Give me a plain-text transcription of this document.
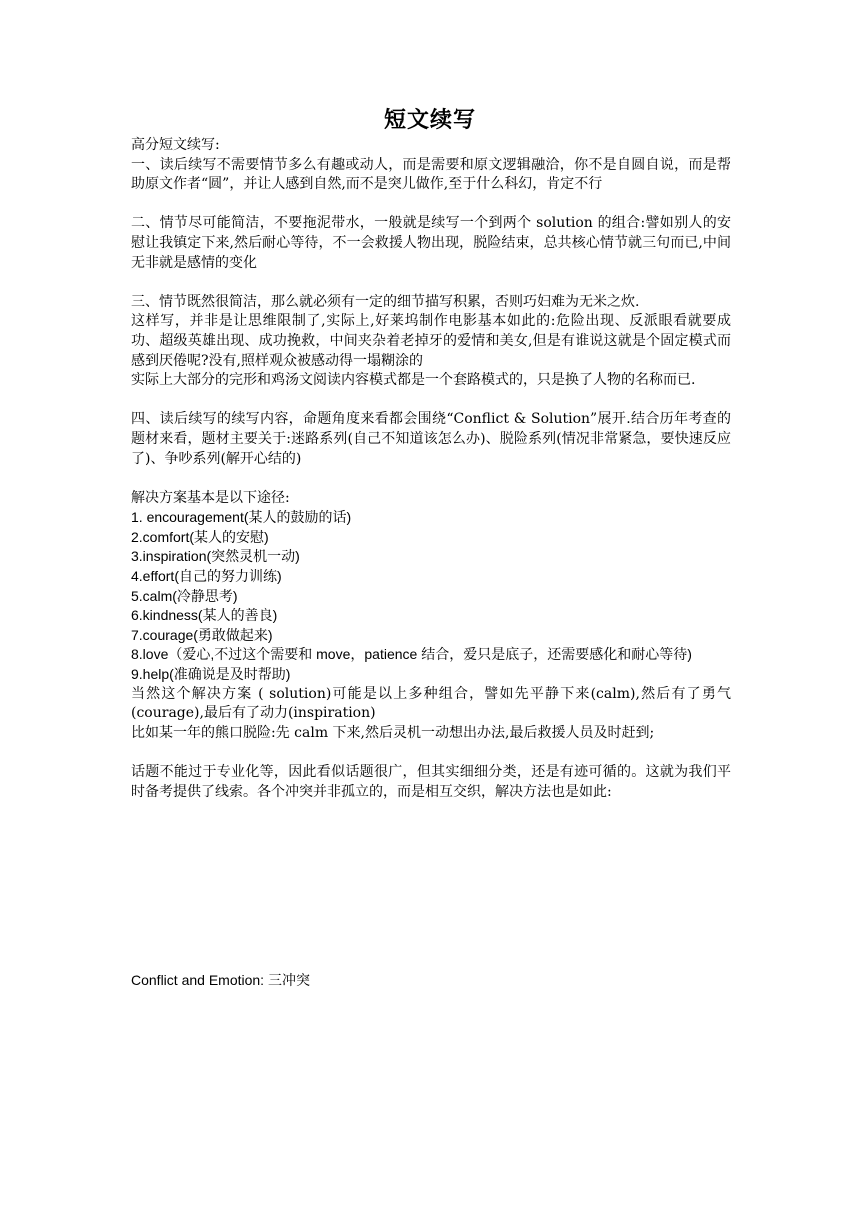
短文续写

高分短文续写:

一、读后续写不需要情节多么有趣或动人，而是需要和原文逻辑融洽，你不是自圆自说，而是帮助原文作者“圆”，并让人感到自然,而不是突儿做作,至于什么科幻，肯定不行

二、情节尽可能简洁，不要拖泥带水，一般就是续写一个到两个 solution 的组合:譬如别人的安慰让我镇定下来,然后耐心等待，不一会救援人物出现，脱险结束，总共核心情节就三句而已,中间无非就是感情的变化

三、情节既然很简洁，那么就必须有一定的细节描写积累，否则巧妇难为无米之炊.

这样写，并非是让思维限制了,实际上,好莱坞制作电影基本如此的:危险出现、反派眼看就要成功、超级英雄出现、成功挽救，中间夹杂着老掉牙的爱情和美女,但是有谁说这就是个固定模式而感到厌倦呢?没有,照样观众被感动得一塌糊涂的

实际上大部分的完形和鸡汤文阅读内容模式都是一个套路模式的，只是换了人物的名称而已.

四、读后续写的续写内容，命题角度来看都会围绕“Conflict & Solution”展开.结合历年考查的题材来看，题材主要关于:迷路系列(自己不知道该怎么办)、脱险系列(情况非常紧急，要快速反应了)、争吵系列(解开心结的)

解决方案基本是以下途径:

1. encouragement(某人的鼓励的话)

2.comfort(某人的安慰)

3.inspiration(突然灵机一动)

4.effort(自己的努力训练)

5.calm(冷静思考)

6.kindness(某人的善良)

7.courage(勇敢做起来)

8.love（爱心,不过这个需要和 move，patience 结合，爱只是底子，还需要感化和耐心等待)

9.help(准确说是及时帮助)

当然这个解决方案 ( solution)可能是以上多种组合，譬如先平静下来(calm),然后有了勇气(courage),最后有了动力(inspiration)

比如某一年的熊口脱险:先 calm 下来,然后灵机一动想出办法,最后救援人员及时赶到;

话题不能过于专业化等，因此看似话题很广，但其实细细分类，还是有迹可循的。这就为我们平时备考提供了线索。各个冲突并非孤立的，而是相互交织，解决方法也是如此:

Conflict and Emotion: 三冲突
